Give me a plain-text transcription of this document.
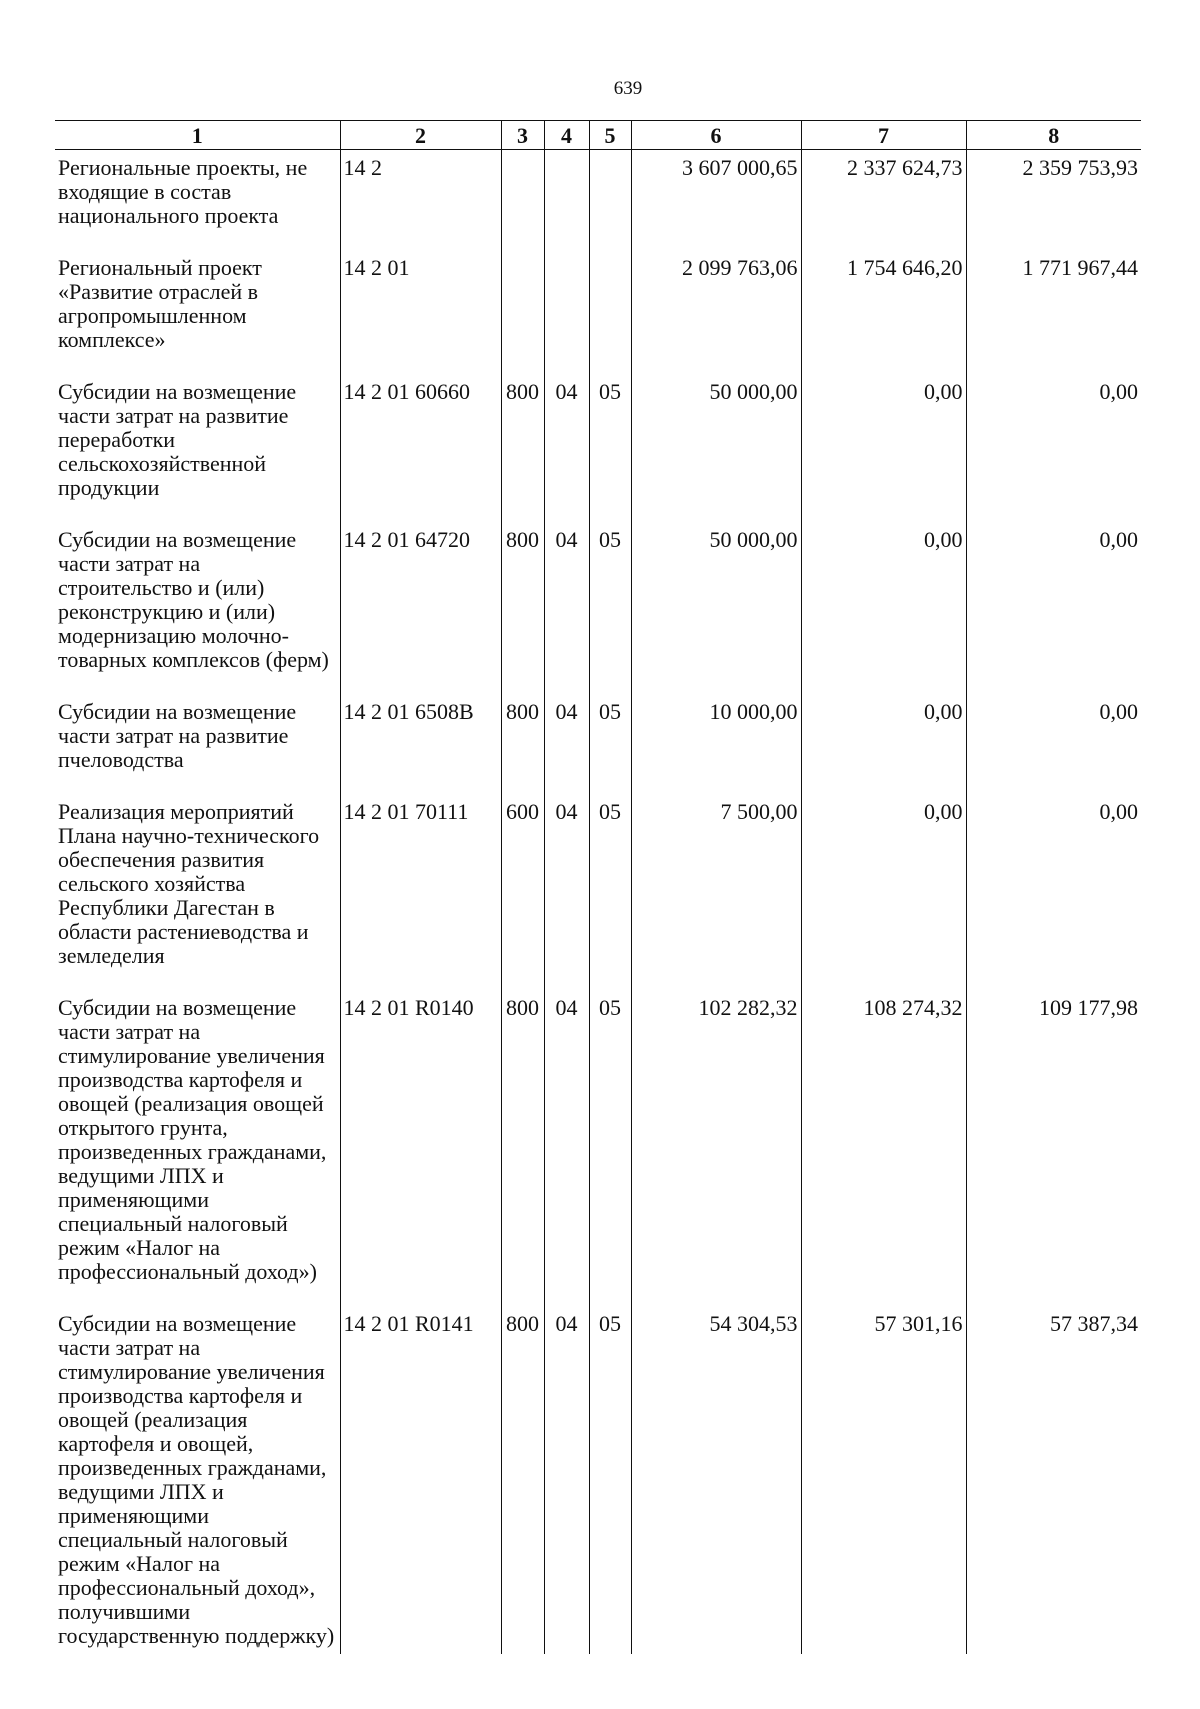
639
1	2	3	4	5	6	7	8
Региональные проекты, не входящие в состав национального проекта	14 2				3 607 000,65	2 337 624,73	2 359 753,93
Региональный проект «Развитие отраслей в агропромышленном комплексе»	14 2 01				2 099 763,06	1 754 646,20	1 771 967,44
Субсидии на возмещение части затрат на развитие переработки сельскохозяйственной продукции	14 2 01 60660	800	04	05	50 000,00	0,00	0,00
Субсидии на возмещение части затрат на строительство и (или) реконструкцию и (или) модернизацию молочно-товарных комплексов (ферм)	14 2 01 64720	800	04	05	50 000,00	0,00	0,00
Субсидии на возмещение части затрат на развитие пчеловодства	14 2 01 6508В	800	04	05	10 000,00	0,00	0,00
Реализация мероприятий Плана научно-технического обеспечения развития сельского хозяйства Республики Дагестан в области растениеводства и земледелия	14 2 01 70111	600	04	05	7 500,00	0,00	0,00
Субсидии на возмещение части затрат на стимулирование увеличения производства картофеля и овощей (реализация овощей открытого грунта, произведенных гражданами, ведущими ЛПХ и применяющими специальный налоговый режим «Налог на профессиональный доход»)	14 2 01 R0140	800	04	05	102 282,32	108 274,32	109 177,98
Субсидии на возмещение части затрат на стимулирование увеличения производства картофеля и овощей (реализация картофеля и овощей, произведенных гражданами, ведущими ЛПХ и применяющими специальный налоговый режим «Налог на профессиональный доход», получившими государственную поддержку)	14 2 01 R0141	800	04	05	54 304,53	57 301,16	57 387,34
